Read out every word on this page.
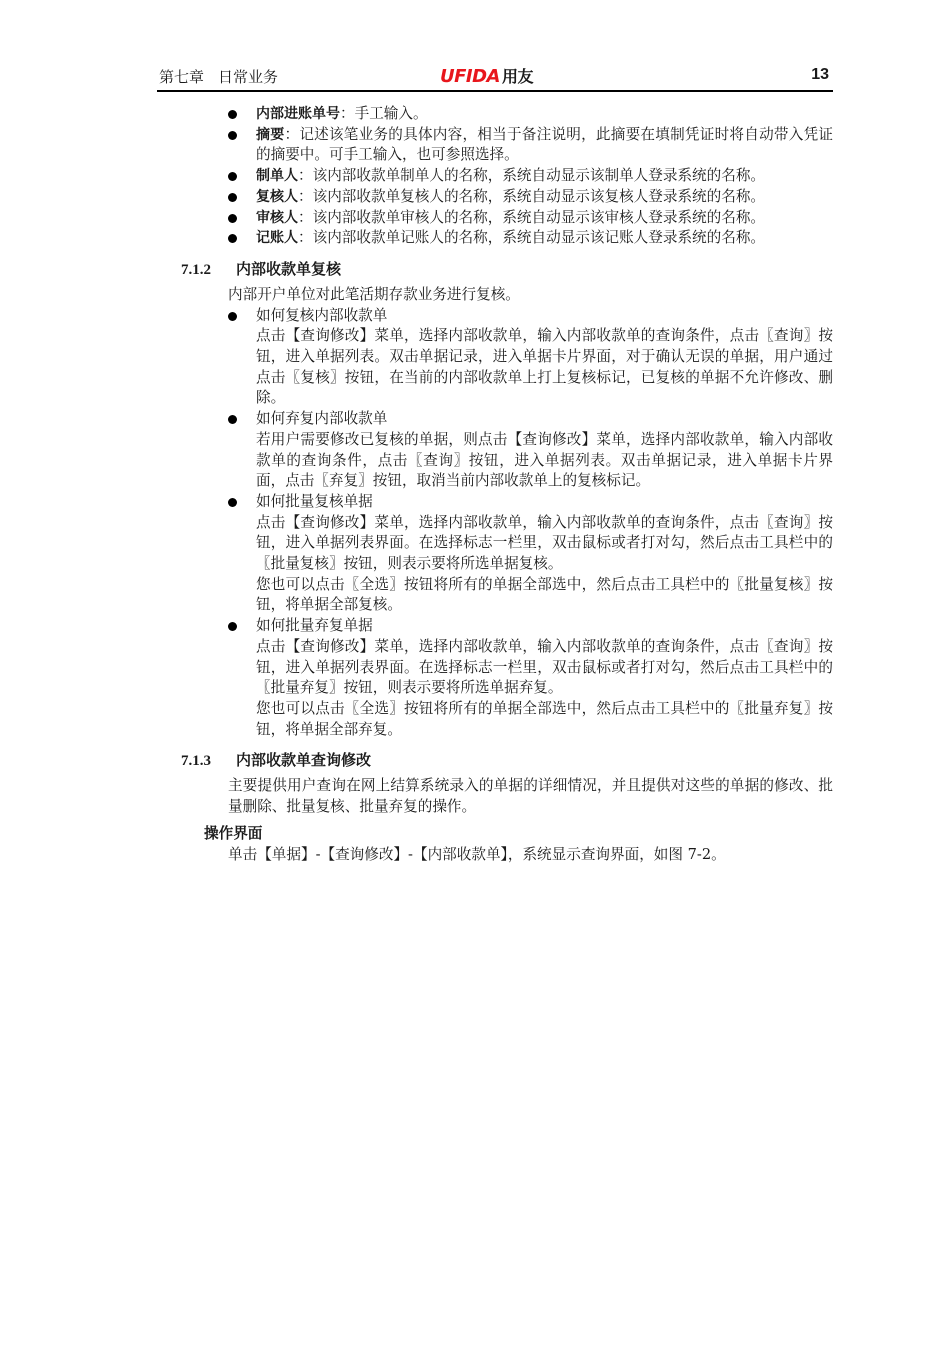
第七章 日常业务	UFIDA 用友	13
内部进账单号：手工输入。
摘要：记述该笔业务的具体内容，相当于备注说明，此摘要在填制凭证时将自动带入凭证的摘要中。可手工输入，也可参照选择。
制单人：该内部收款单制单人的名称，系统自动显示该制单人登录系统的名称。
复核人：该内部收款单复核人的名称，系统自动显示该复核人登录系统的名称。
审核人：该内部收款单审核人的名称，系统自动显示该审核人登录系统的名称。
记账人：该内部收款单记账人的名称，系统自动显示该记账人登录系统的名称。
7.1.2 内部收款单复核

内部开户单位对此笔活期存款业务进行复核。

如何复核内部收款单
点击【查询修改】菜单，选择内部收款单，输入内部收款单的查询条件，点击〖查询〗按钮，进入单据列表。双击单据记录，进入单据卡片界面，对于确认无误的单据，用户通过点击〖复核〗按钮，在当前的内部收款单上打上复核标记，已复核的单据不允许修改、删除。
如何弃复内部收款单
若用户需要修改已复核的单据，则点击【查询修改】菜单，选择内部收款单，输入内部收款单的查询条件，点击〖查询〗按钮，进入单据列表。双击单据记录，进入单据卡片界面，点击〖弃复〗按钮，取消当前内部收款单上的复核标记。
如何批量复核单据
点击【查询修改】菜单，选择内部收款单，输入内部收款单的查询条件，点击〖查询〗按钮，进入单据列表界面。在选择标志一栏里，双击鼠标或者打对勾，然后点击工具栏中的〖批量复核〗按钮，则表示要将所选单据复核。
您也可以点击〖全选〗按钮将所有的单据全部选中，然后点击工具栏中的〖批量复核〗按钮，将单据全部复核。
如何批量弃复单据
点击【查询修改】菜单，选择内部收款单，输入内部收款单的查询条件，点击〖查询〗按钮，进入单据列表界面。在选择标志一栏里，双击鼠标或者打对勾，然后点击工具栏中的〖批量弃复〗按钮，则表示要将所选单据弃复。
您也可以点击〖全选〗按钮将所有的单据全部选中，然后点击工具栏中的〖批量弃复〗按钮，将单据全部弃复。
7.1.3 内部收款单查询修改

主要提供用户查询在网上结算系统录入的单据的详细情况，并且提供对这些的单据的修改、批量删除、批量复核、批量弃复的操作。

操作界面

单击【单据】-【查询修改】-【内部收款单】，系统显示查询界面，如图 7-2。
